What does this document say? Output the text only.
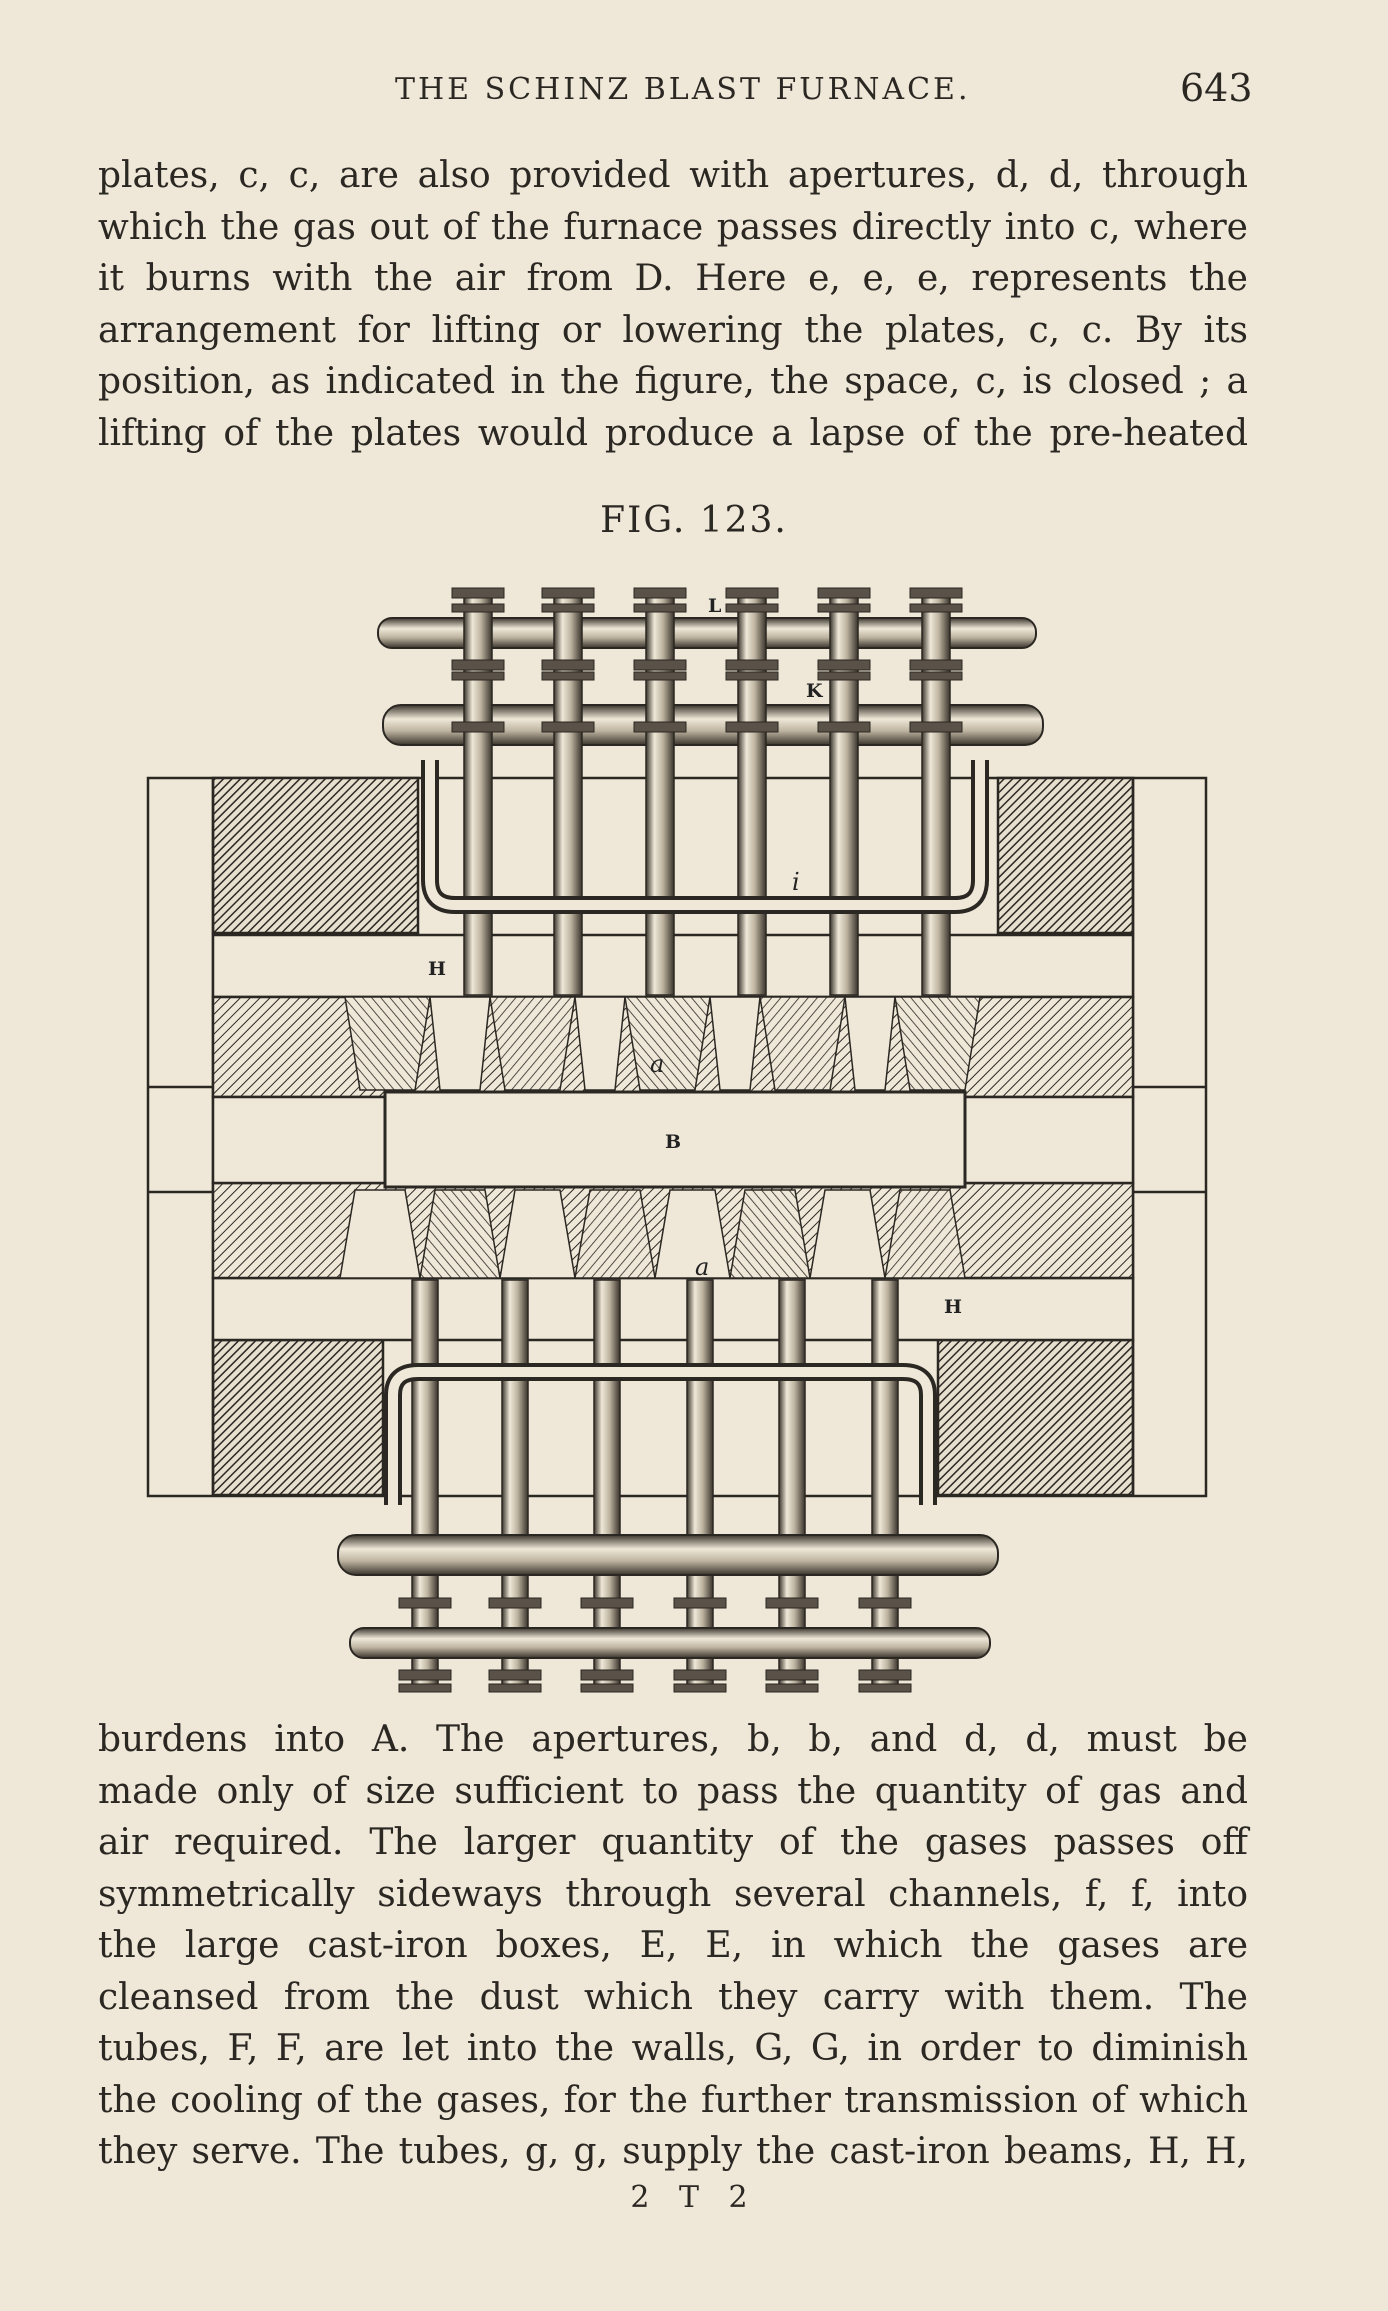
THE SCHINZ BLAST FURNACE.	643
plates, c, c, are also provided with apertures, d, d, through
which the gas out of the furnace passes directly into c, where
it burns with the air from D. Here e, e, e, represents the
arrangement for lifting or lowering the plates, c, c. By its
position, as indicated in the figure, the space, c, is closed ; a
lifting of the plates would produce a lapse of the pre-heated
FIG. 123.
L
K
i
H
B
a
a
H
burdens into A. The apertures, b, b, and d, d, must be
made only of size sufficient to pass the quantity of gas and
air required. The larger quantity of the gases passes off
symmetrically sideways through several channels, f, f, into
the large cast-iron boxes, E, E, in which the gases are
cleansed from the dust which they carry with them. The
tubes, F, F, are let into the walls, G, G, in order to diminish
the cooling of the gases, for the further transmission of which
they serve. The tubes, g, g, supply the cast-iron beams, H, H,
2 T 2
